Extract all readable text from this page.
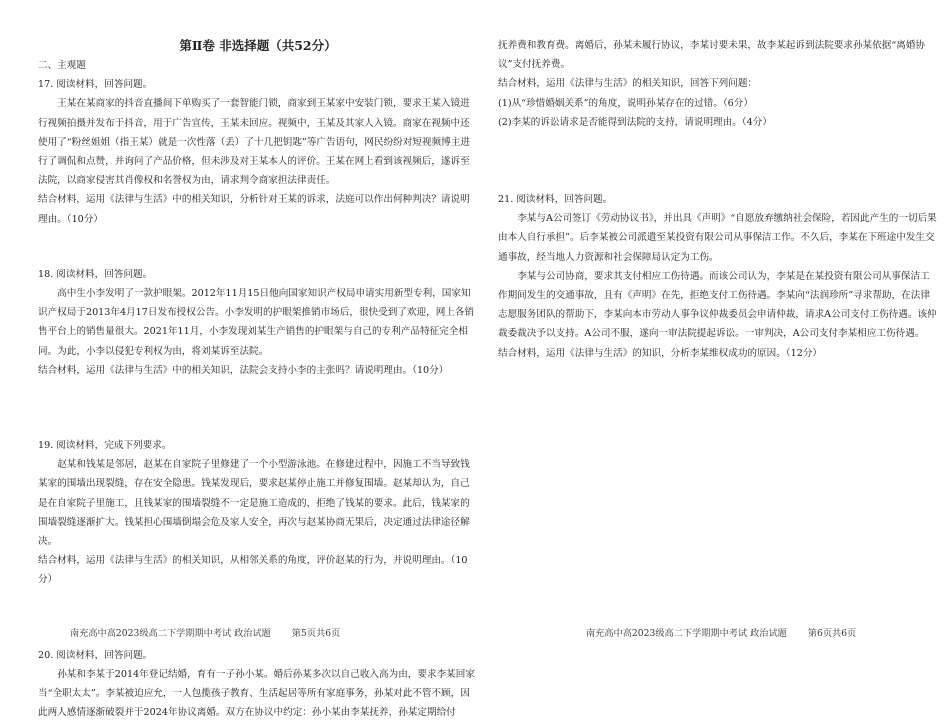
第Ⅱ卷 非选择题（共52分）

二、主观题

17. 阅读材料，回答问题。

王某在某商家的抖音直播间下单购买了一套智能门锁，商家到王某家中安装门锁，要求王某入镜进行视频拍摄并发布于抖音，用于广告宣传，王某未回应。视频中，王某及其家人入镜。商家在视频中还使用了“粉丝姐姐（指王某）就是一次性落（丢）了十几把钥匙”等广告语句，网民纷纷对短视频博主进行了调侃和点赞，并询问了产品价格，但未涉及对王某本人的评价。王某在网上看到该视频后，遂诉至法院，以商家侵害其肖像权和名誉权为由，请求判令商家担法律责任。

结合材料，运用《法律与生活》中的相关知识，分析针对王某的诉求，法庭可以作出何种判决？请说明理由。（10分）

18. 阅读材料，回答问题。

高中生小李发明了一款护眼架。2012年11月15日他向国家知识产权局申请实用新型专利，国家知识产权局于2013年4月17日发布授权公告。小李发明的护眼架推销市场后，很快受到了欢迎，网上各销售平台上的销售量很大。2021年11月，小李发现刘某生产销售的护眼架与自己的专利产品特征完全相同。为此，小李以侵犯专利权为由，将刘某诉至法院。

结合材料，运用《法律与生活》中的相关知识，法院会支持小李的主张吗？请说明理由。（10分）

19. 阅读材料，完成下列要求。

赵某和钱某是邻居，赵某在自家院子里修建了一个小型游泳池。在修建过程中，因施工不当导致钱某家的围墙出现裂缝，存在安全隐患。钱某发现后，要求赵某停止施工并修复围墙。赵某却认为，自己是在自家院子里施工，且钱某家的围墙裂缝不一定是施工造成的，拒绝了钱某的要求。此后，钱某家的围墙裂缝逐渐扩大。钱某担心围墙倒塌会危及家人安全，再次与赵某协商无果后，决定通过法律途径解决。

结合材料，运用《法律与生活》的相关知识，从相邻关系的角度，评价赵某的行为，并说明理由。（10分）

20. 阅读材料，回答问题。

孙某和李某于2014年登记结婚，育有一子孙小某。婚后孙某多次以自己收入高为由，要求李某回家当“全职太太”。李某被迫应允，一人包揽孩子教育、生活起居等所有家庭事务，孙某对此不管不顾，因此两人感情逐渐破裂并于2024年协议离婚。双方在协议中约定：孙小某由李某抚养，孙某定期给付

抚养费和教育费。离婚后，孙某未履行协议，李某讨要未果，故李某起诉到法院要求孙某依据“离婚协议”支付抚养费。

结合材料，运用《法律与生活》的相关知识，回答下列问题：

(1)从“珍惜婚姻关系”的角度，说明孙某存在的过错。（6分）

(2)李某的诉讼请求是否能得到法院的支持，请说明理由。（4分）

21. 阅读材料，回答问题。

李某与A公司签订《劳动协议书》，并出具《声明》“自愿放弃缴纳社会保险，若因此产生的一切后果由本人自行承担”。后李某被公司派遣至某投资有限公司从事保洁工作。不久后，李某在下班途中发生交通事故，经当地人力资源和社会保障局认定为工伤。

李某与公司协商，要求其支付相应工伤待遇。而该公司认为，李某是在某投资有限公司从事保洁工作期间发生的交通事故，且有《声明》在先，拒绝支付工伤待遇。李某向“法润珍所”寻求帮助，在法律志愿服务团队的帮助下，李某向本市劳动人事争议仲裁委员会申请仲裁，请求A公司支付工伤待遇。该仲裁委裁决予以支持。A公司不服，遂向一审法院提起诉讼。一审判决，A公司支付李某相应工伤待遇。

结合材料，运用《法律与生活》的知识，分析李某维权成功的原因。（12分）

南充高中高2023级高二下学期期中考试 政治试题 第5页共6页	南充高中高2023级高二下学期期中考试 政治试题 第6页共6页
